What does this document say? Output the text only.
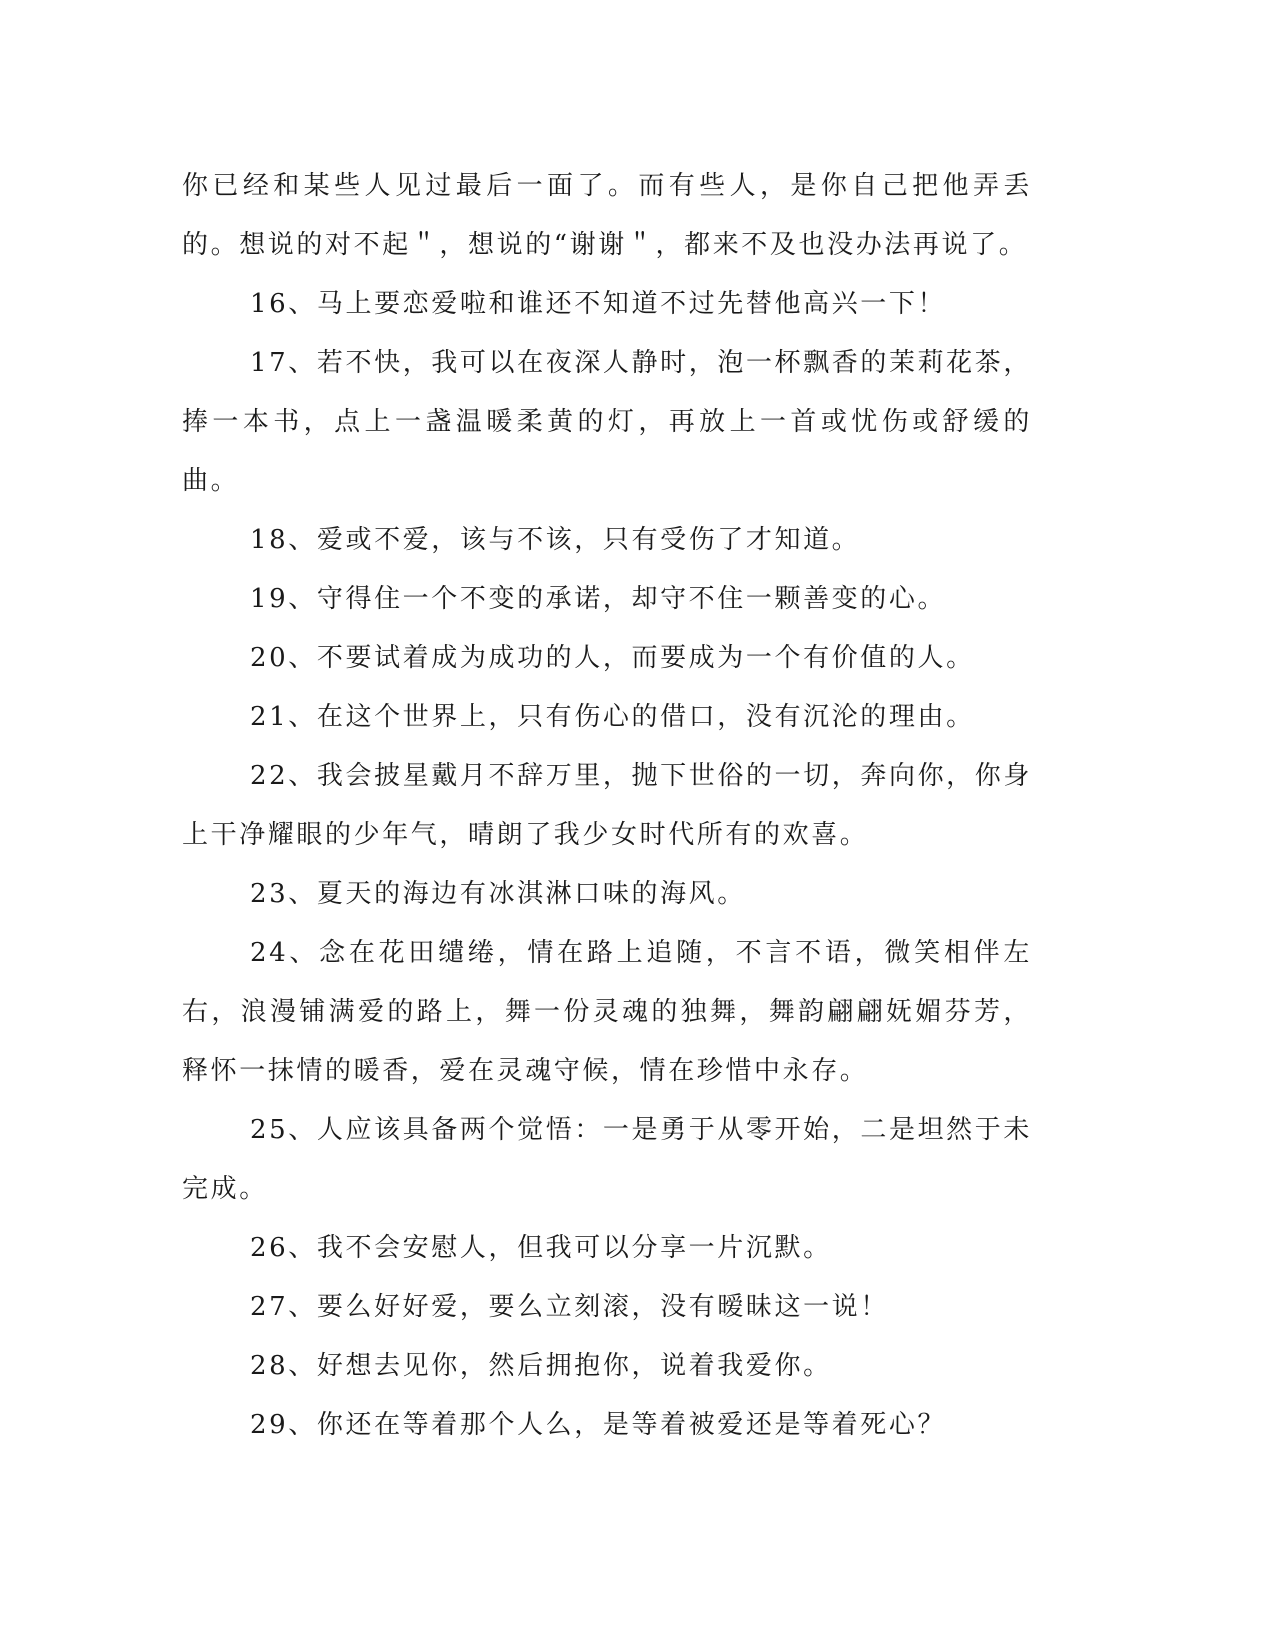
你已经和某些人见过最后一面了。而有些人，是你自己把他弄丢的。想说的对不起＂，想说的“谢谢＂，都来不及也没办法再说了。

16、马上要恋爱啦和谁还不知道不过先替他高兴一下！

17、若不快，我可以在夜深人静时，泡一杯飘香的茉莉花茶，捧一本书，点上一盏温暖柔黄的灯，再放上一首或忧伤或舒缓的曲。

18、爱或不爱，该与不该，只有受伤了才知道。

19、守得住一个不变的承诺，却守不住一颗善变的心。

20、不要试着成为成功的人，而要成为一个有价值的人。

21、在这个世界上，只有伤心的借口，没有沉沦的理由。

22、我会披星戴月不辞万里，抛下世俗的一切，奔向你，你身上干净耀眼的少年气，晴朗了我少女时代所有的欢喜。

23、夏天的海边有冰淇淋口味的海风。

24、念在花田缱绻，情在路上追随，不言不语，微笑相伴左右，浪漫铺满爱的路上，舞一份灵魂的独舞，舞韵翩翩妩媚芬芳，释怀一抹情的暖香，爱在灵魂守候，情在珍惜中永存。

25、人应该具备两个觉悟：一是勇于从零开始，二是坦然于未完成。

26、我不会安慰人，但我可以分享一片沉默。

27、要么好好爱，要么立刻滚，没有暧昧这一说！

28、好想去见你，然后拥抱你，说着我爱你。

29、你还在等着那个人么，是等着被爱还是等着死心？
